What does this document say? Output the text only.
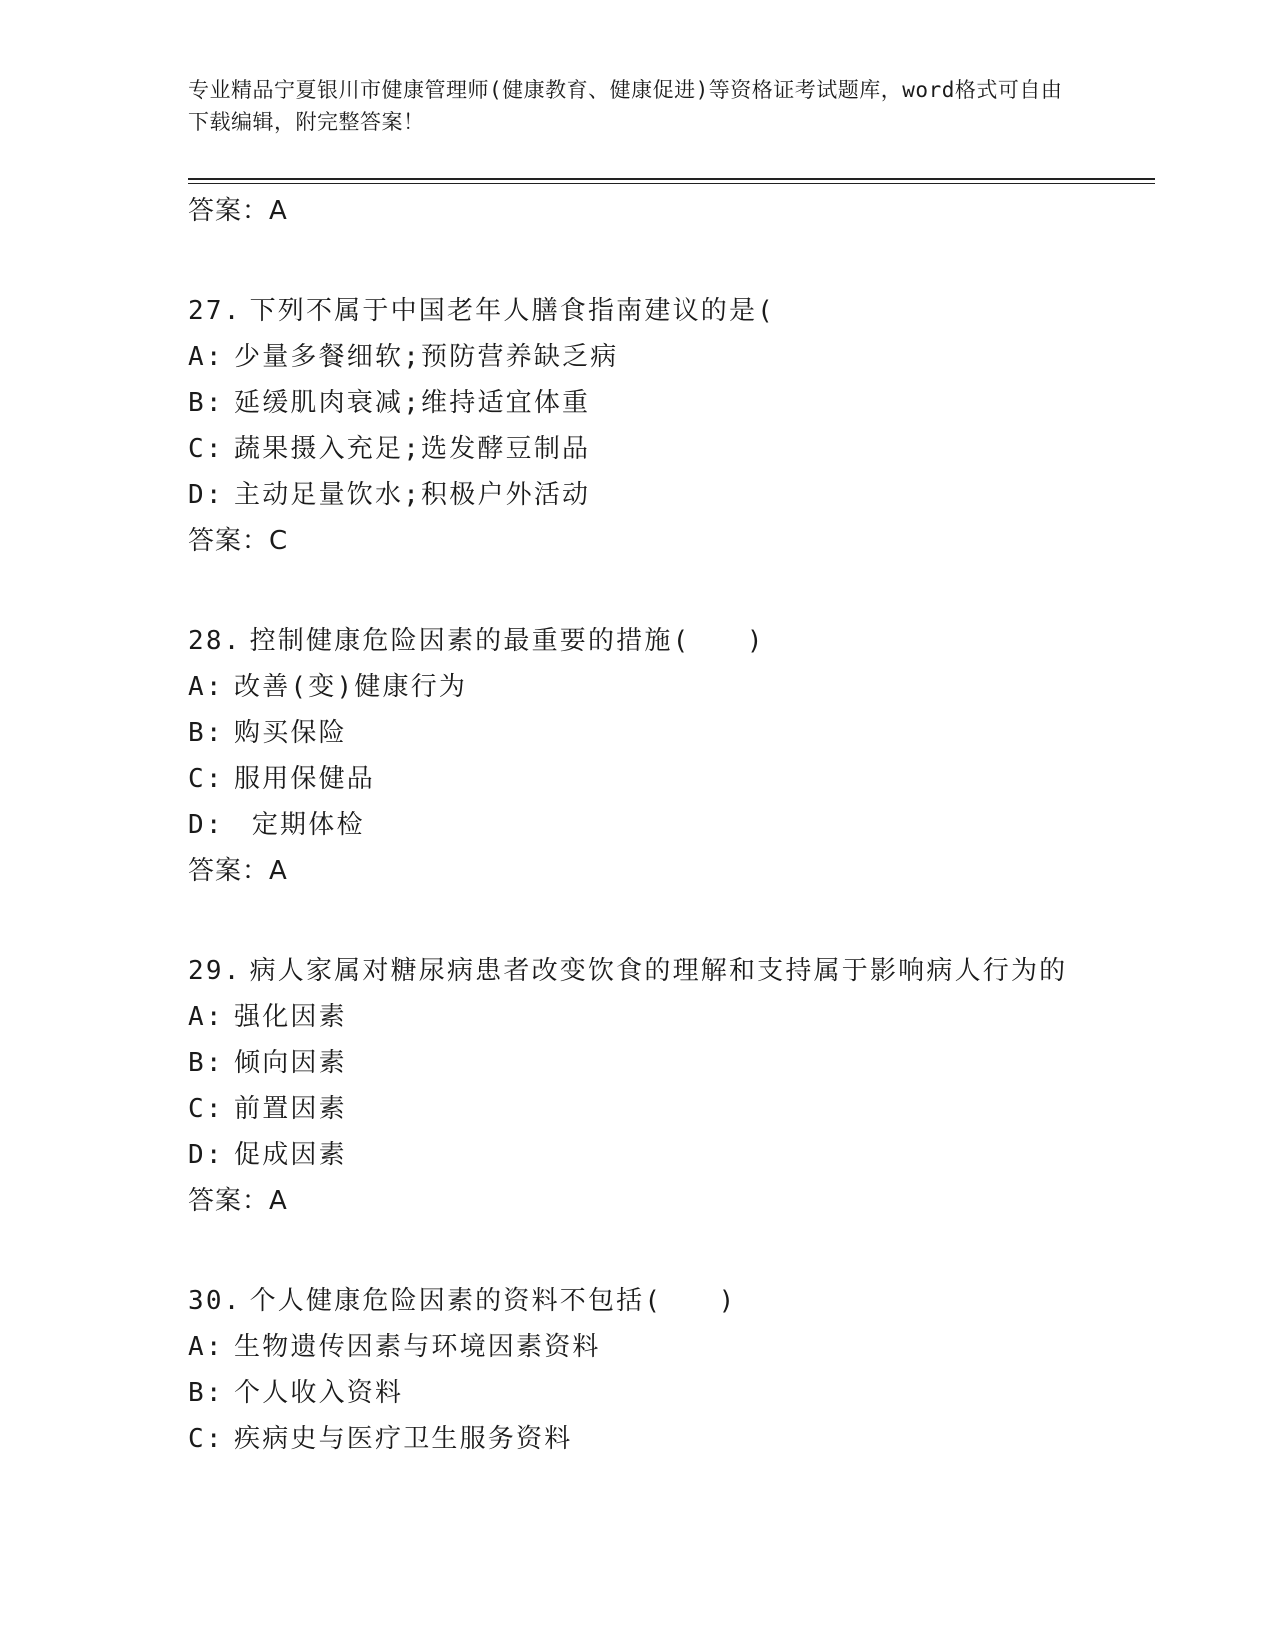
专业精品宁夏银川市健康管理师(健康教育、健康促进)等资格证考试题库，word格式可自由下载编辑，附完整答案！
答案：A
27. 下列不属于中国老年人膳食指南建议的是(
A: 少量多餐细软;预防营养缺乏病
B: 延缓肌肉衰减;维持适宜体重
C: 蔬果摄入充足;选发酵豆制品
D: 主动足量饮水;积极户外活动
答案：C
28. 控制健康危险因素的最重要的措施(　　)
A: 改善(变)健康行为
B: 购买保险
C: 服用保健品
D: 定期体检
答案：A
29. 病人家属对糖尿病患者改变饮食的理解和支持属于影响病人行为的
A: 强化因素
B: 倾向因素
C: 前置因素
D: 促成因素
答案：A
30. 个人健康危险因素的资料不包括(　　)
A: 生物遗传因素与环境因素资料
B: 个人收入资料
C: 疾病史与医疗卫生服务资料
